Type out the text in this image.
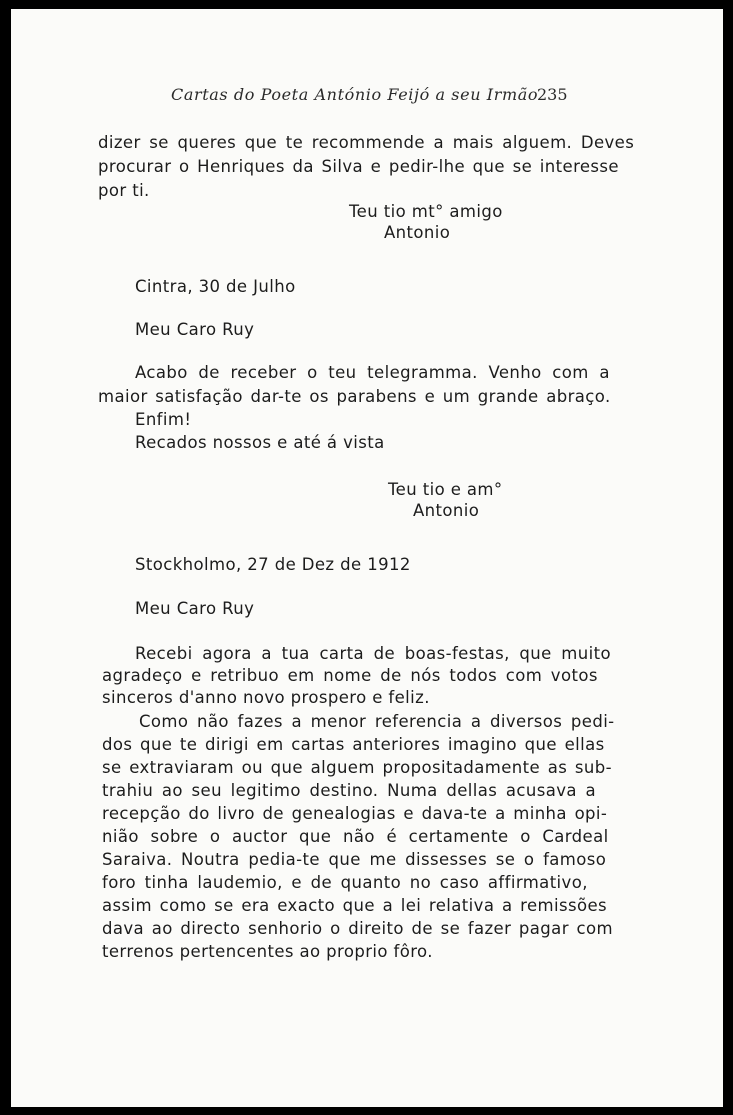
Cartas do Poeta António Feijó a seu Irmão
235
dizer se queres que te recommende a mais alguem. Deves
procurar o Henriques da Silva e pedir-lhe que se interesse
por ti.
Teu tio mt° amigo
Antonio
Cintra, 30 de Julho
Meu Caro Ruy
Acabo de receber o teu telegramma. Venho com a
maior satisfação dar-te os parabens e um grande abraço.
Enfim!
Recados nossos e até á vista
Teu tio e am°
Antonio
Stockholmo, 27 de Dez de 1912
Meu Caro Ruy
Recebi agora a tua carta de boas-festas, que muito
agradeço e retribuo em nome de nós todos com votos
sinceros d'anno novo prospero e feliz.
Como não fazes a menor referencia a diversos pedi-
dos que te dirigi em cartas anteriores imagino que ellas
se extraviaram ou que alguem propositadamente as sub-
trahiu ao seu legitimo destino. Numa dellas acusava a
recepção do livro de genealogias e dava-te a minha opi-
nião sobre o auctor que não é certamente o Cardeal
Saraiva. Noutra pedia-te que me dissesses se o famoso
foro tinha laudemio, e de quanto no caso affirmativo,
assim como se era exacto que a lei relativa a remissões
dava ao directo senhorio o direito de se fazer pagar com
terrenos pertencentes ao proprio fôro.
